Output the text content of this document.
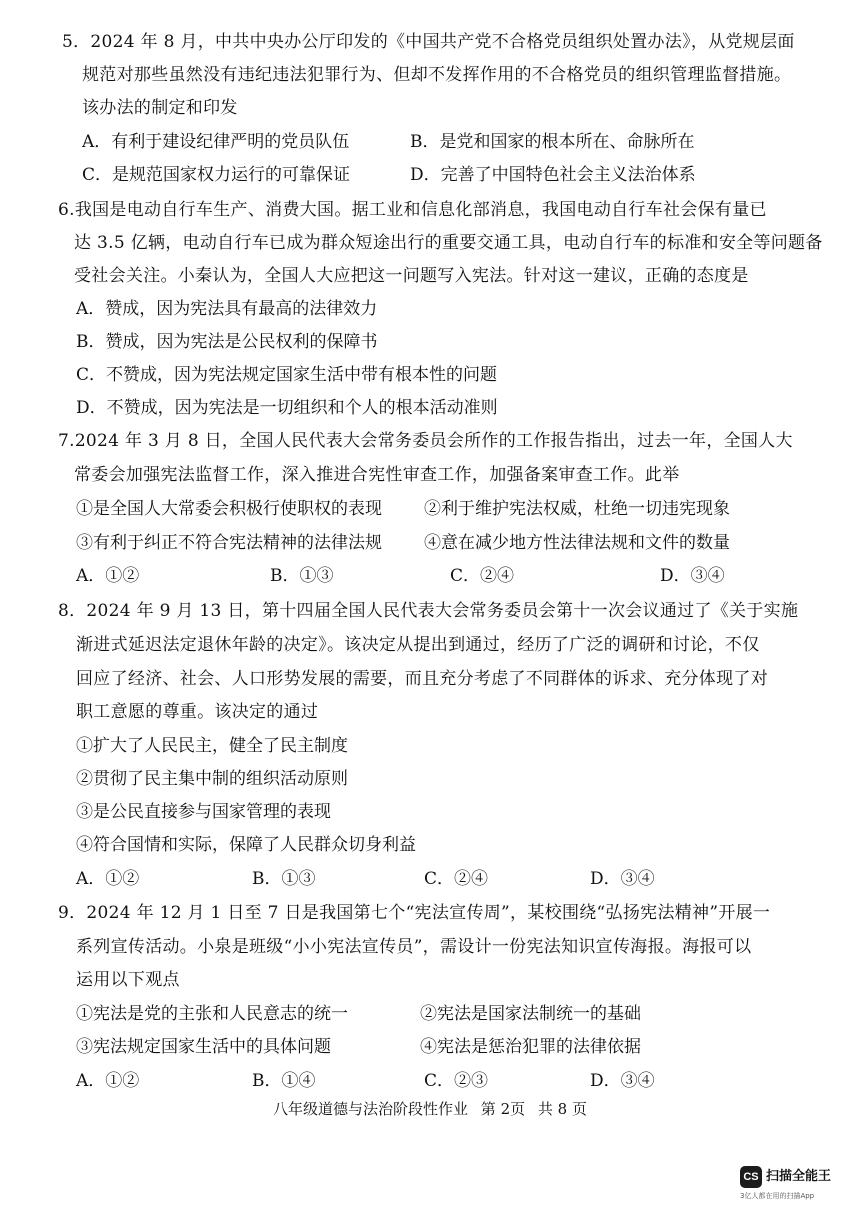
5．2024 年 8 月，中共中央办公厅印发的《中国共产党不合格党员组织处置办法》，从党规层面
规范对那些虽然没有违纪违法犯罪行为、但却不发挥作用的不合格党员的组织管理监督措施。
该办法的制定和印发
A．有利于建设纪律严明的党员队伍	B．是党和国家的根本所在、命脉所在
C．是规范国家权力运行的可靠保证	D．完善了中国特色社会主义法治体系
6.我国是电动自行车生产、消费大国。据工业和信息化部消息，我国电动自行车社会保有量已
达 3.5 亿辆，电动自行车已成为群众短途出行的重要交通工具，电动自行车的标准和安全等问题备
受社会关注。小秦认为，全国人大应把这一问题写入宪法。针对这一建议，正确的态度是
A．赞成，因为宪法具有最高的法律效力
B．赞成，因为宪法是公民权利的保障书
C．不赞成，因为宪法规定国家生活中带有根本性的问题
D．不赞成，因为宪法是一切组织和个人的根本活动准则
7.2024 年 3 月 8 日，全国人民代表大会常务委员会所作的工作报告指出，过去一年，全国人大
常委会加强宪法监督工作，深入推进合宪性审查工作，加强备案审查工作。此举
①是全国人大常委会积极行使职权的表现 ②利于维护宪法权威，杜绝一切违宪现象
③有利于纠正不符合宪法精神的法律法规 ④意在减少地方性法律法规和文件的数量
A．①②	B．①③	C．②④	D．③④
8．2024 年 9 月 13 日，第十四届全国人民代表大会常务委员会第十一次会议通过了《关于实施
渐进式延迟法定退休年龄的决定》。该决定从提出到通过，经历了广泛的调研和讨论，不仅
回应了经济、社会、人口形势发展的需要，而且充分考虑了不同群体的诉求、充分体现了对
职工意愿的尊重。该决定的通过
①扩大了人民民主，健全了民主制度
②贯彻了民主集中制的组织活动原则
③是公民直接参与国家管理的表现
④符合国情和实际，保障了人民群众切身利益
A．①②	B．①③	C．②④	D．③④
9．2024 年 12 月 1 日至 7 日是我国第七个“宪法宣传周”，某校围绕“弘扬宪法精神”开展一
系列宣传活动。小泉是班级“小小宪法宣传员”，需设计一份宪法知识宣传海报。海报可以
运用以下观点
①宪法是党的主张和人民意志的统一	②宪法是国家法制统一的基础
③宪法规定国家生活中的具体问题	④宪法是惩治犯罪的法律依据
A．①②	B．①④	C．②③	D．③④
八年级道德与法治阶段性作业 第 2页 共 8 页
CS 扫描全能王
3亿人都在用的扫描App
